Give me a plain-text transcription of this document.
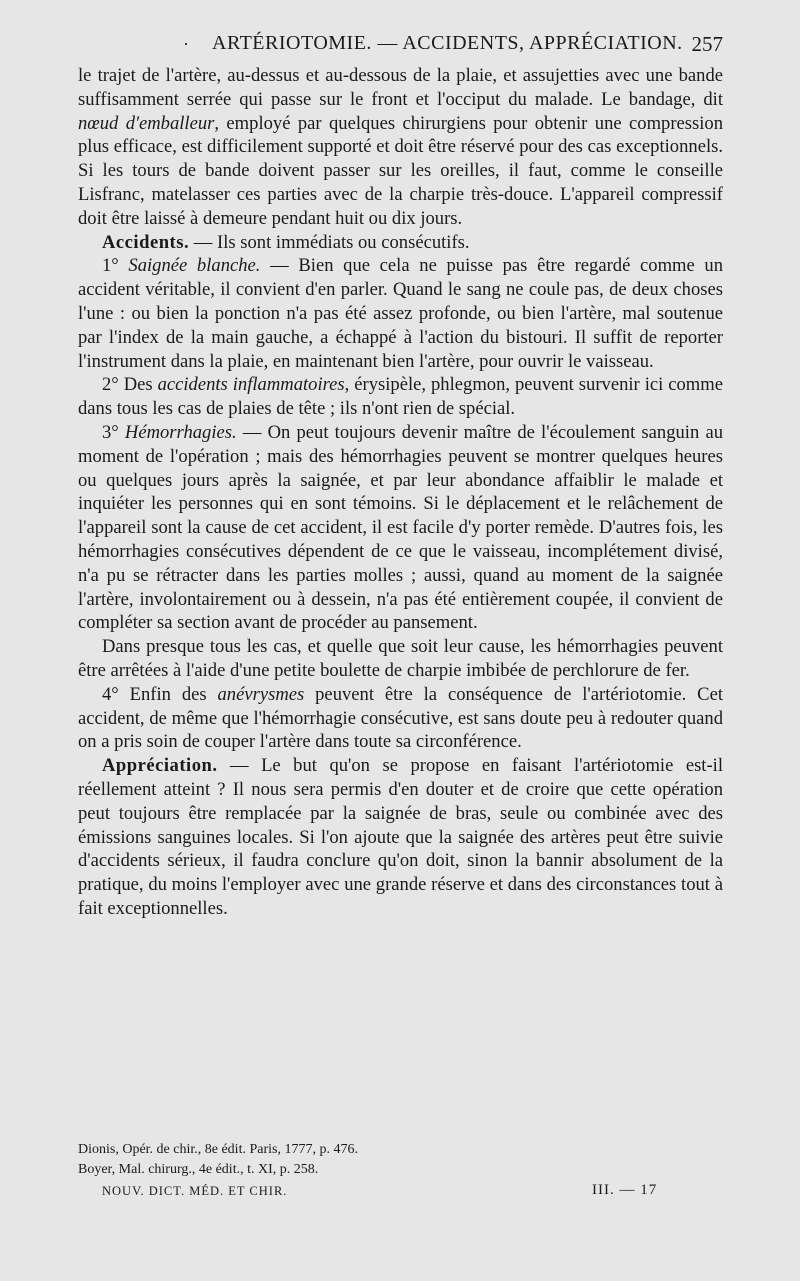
· ARTÉRIOTOMIE. — ACCIDENTS, APPRÉCIATION. 257

le trajet de l'artère, au-dessus et au-dessous de la plaie, et assujetties avec une bande suffisamment serrée qui passe sur le front et l'occiput du malade. Le bandage, dit nœud d'emballeur, employé par quelques chirurgiens pour obtenir une compression plus efficace, est difficilement supporté et doit être réservé pour des cas exceptionnels. Si les tours de bande doivent passer sur les oreilles, il faut, comme le conseille Lisfranc, matelasser ces parties avec de la charpie très-douce. L'appareil compressif doit être laissé à demeure pendant huit ou dix jours.

Accidents. — Ils sont immédiats ou consécutifs.

1° Saignée blanche. — Bien que cela ne puisse pas être regardé comme un accident véritable, il convient d'en parler. Quand le sang ne coule pas, de deux choses l'une : ou bien la ponction n'a pas été assez profonde, ou bien l'artère, mal soutenue par l'index de la main gauche, a échappé à l'action du bistouri. Il suffit de reporter l'instrument dans la plaie, en maintenant bien l'artère, pour ouvrir le vaisseau.

2° Des accidents inflammatoires, érysipèle, phlegmon, peuvent survenir ici comme dans tous les cas de plaies de tête ; ils n'ont rien de spécial.

3° Hémorrhagies. — On peut toujours devenir maître de l'écoulement sanguin au moment de l'opération ; mais des hémorrhagies peuvent se montrer quelques heures ou quelques jours après la saignée, et par leur abondance affaiblir le malade et inquiéter les personnes qui en sont témoins. Si le déplacement et le relâchement de l'appareil sont la cause de cet accident, il est facile d'y porter remède. D'autres fois, les hémorrhagies consécutives dépendent de ce que le vaisseau, incomplétement divisé, n'a pu se rétracter dans les parties molles ; aussi, quand au moment de la saignée l'artère, involontairement ou à dessein, n'a pas été entièrement coupée, il convient de compléter sa section avant de procéder au pansement.

Dans presque tous les cas, et quelle que soit leur cause, les hémorrhagies peuvent être arrêtées à l'aide d'une petite boulette de charpie imbibée de perchlorure de fer.

4° Enfin des anévrysmes peuvent être la conséquence de l'artériotomie. Cet accident, de même que l'hémorrhagie consécutive, est sans doute peu à redouter quand on a pris soin de couper l'artère dans toute sa circonférence.

Appréciation. — Le but qu'on se propose en faisant l'artériotomie est-il réellement atteint ? Il nous sera permis d'en douter et de croire que cette opération peut toujours être remplacée par la saignée de bras, seule ou combinée avec des émissions sanguines locales. Si l'on ajoute que la saignée des artères peut être suivie d'accidents sérieux, il faudra conclure qu'on doit, sinon la bannir absolument de la pratique, du moins l'employer avec une grande réserve et dans des circonstances tout à fait exceptionnelles.

Dionis, Opér. de chir., 8e édit. Paris, 1777, p. 476.

Boyer, Mal. chirurg., 4e édit., t. XI, p. 258.

NOUV. DICT. MÉD. ET CHIR.	III. — 17
